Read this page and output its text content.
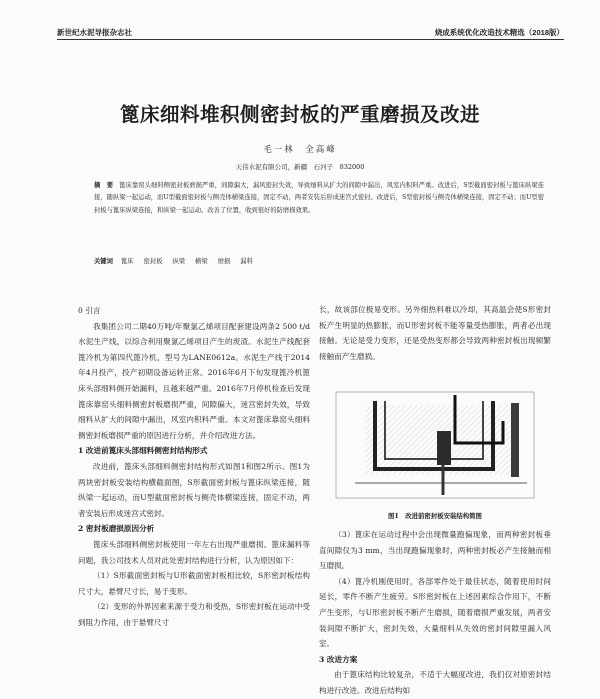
新世纪水泥导报杂志社	烧成系统优化改造技术精选（2018版）
篦床细料堆积侧密封板的严重磨损及改进
毛一林　全高峰
天伟水泥有限公司，新疆　石河子　832000
摘　要 篦床靠窑头细料侧密封板磨损严重，间隙偏大，漏风密封失效，导致细料从扩大的间隙中漏出，风室内积料严重。改进后，S型截面密封板与篦床纵梁连接，随纵梁一起运动，而U型截面密封板与侧壳体横梁连接，固定不动，两者安装后形成迷宫式密封。改进后，S型密封板与侧壳体横梁连接，固定不动；而U型密封板与篦床纵梁连接，和纵梁一起运动。改善了位置，收到很好的防磨损效果。
关键词 篦床 密封板 纵梁 横梁 磨损 漏料

0 引言

我集团公司二期40万吨/年聚氯乙烯项目配套建设两条2 500 t/d水泥生产线，以综合利用聚氯乙烯项目产生的废渣。水泥生产线配套篦冷机为第四代篦冷机，型号为LANE0612a。水泥生产线于2014年4月投产，投产初期设备运转正常。2016年6月下旬发现篦冷机篦床头部细料侧开始漏料，且越来越严重。2016年7月停机检查后发现篦床靠窑头细料侧密封板磨损严重，间隙偏大，迷宫密封失效，导致细料从扩大的间隙中漏出，风室内积料严重。本文对篦床靠窑头细料侧密封板磨损严重的原因进行分析，并介绍改进方法。

1 改进前篦床头部细料侧密封结构形式

改进前，篦床头部细料侧密封结构形式如图1和图2所示。图1为两块密封板安装结构横截面图，S形截面密封板与篦床纵梁连接，随纵梁一起运动，而U型截面密封板与侧壳体横梁连接，固定不动，两者安装后形成迷宫式密封。

2 密封板磨损原因分析

篦床头部细料侧密封板使用一年左右出现严重磨损、篦床漏料等问题，我公司技术人员对此处密封结构进行分析，认为原因如下：

（1）S形截面密封板与U形截面密封板相比较，S形密封板结构尺寸大，悬臂尺寸长，易于变形。

（2）变形的外界因素来源于受力和受热，S形密封板在运动中受到阻力作用，由于悬臂尺寸

长，故该部位极易变形。另外细热料难以冷却，其高温会使S形密封板产生明显的热膨胀，而U形密封板不能等量受热膨胀，两者必出现接触。无论是受力变形，还是受热变形都会导致两种密封板出现频繁接触而产生磨损。

图1　改进前密封板安装结构简图

（3）篦床在运动过程中会出现微量跑偏现象，而两种密封板垂直间隙仅为3 mm，当出现跑偏现象时，两种密封板必产生接触而相互磨损。

（4）篦冷机刚使用时，各部零件处于最佳状态，随着使用时间延长，零件不断产生疲劳。S形密封板在上述因素综合作用下，不断产生变形，与U形密封板不断产生磨损，随着磨损严重发展，两者安装间隙不断扩大，密封失效，大量细料从失效的密封间隙里漏入风室。

3 改进方案

由于篦床结构比较复杂，不适于大幅度改进，我们仅对原密封结构进行改进。改进后结构如
